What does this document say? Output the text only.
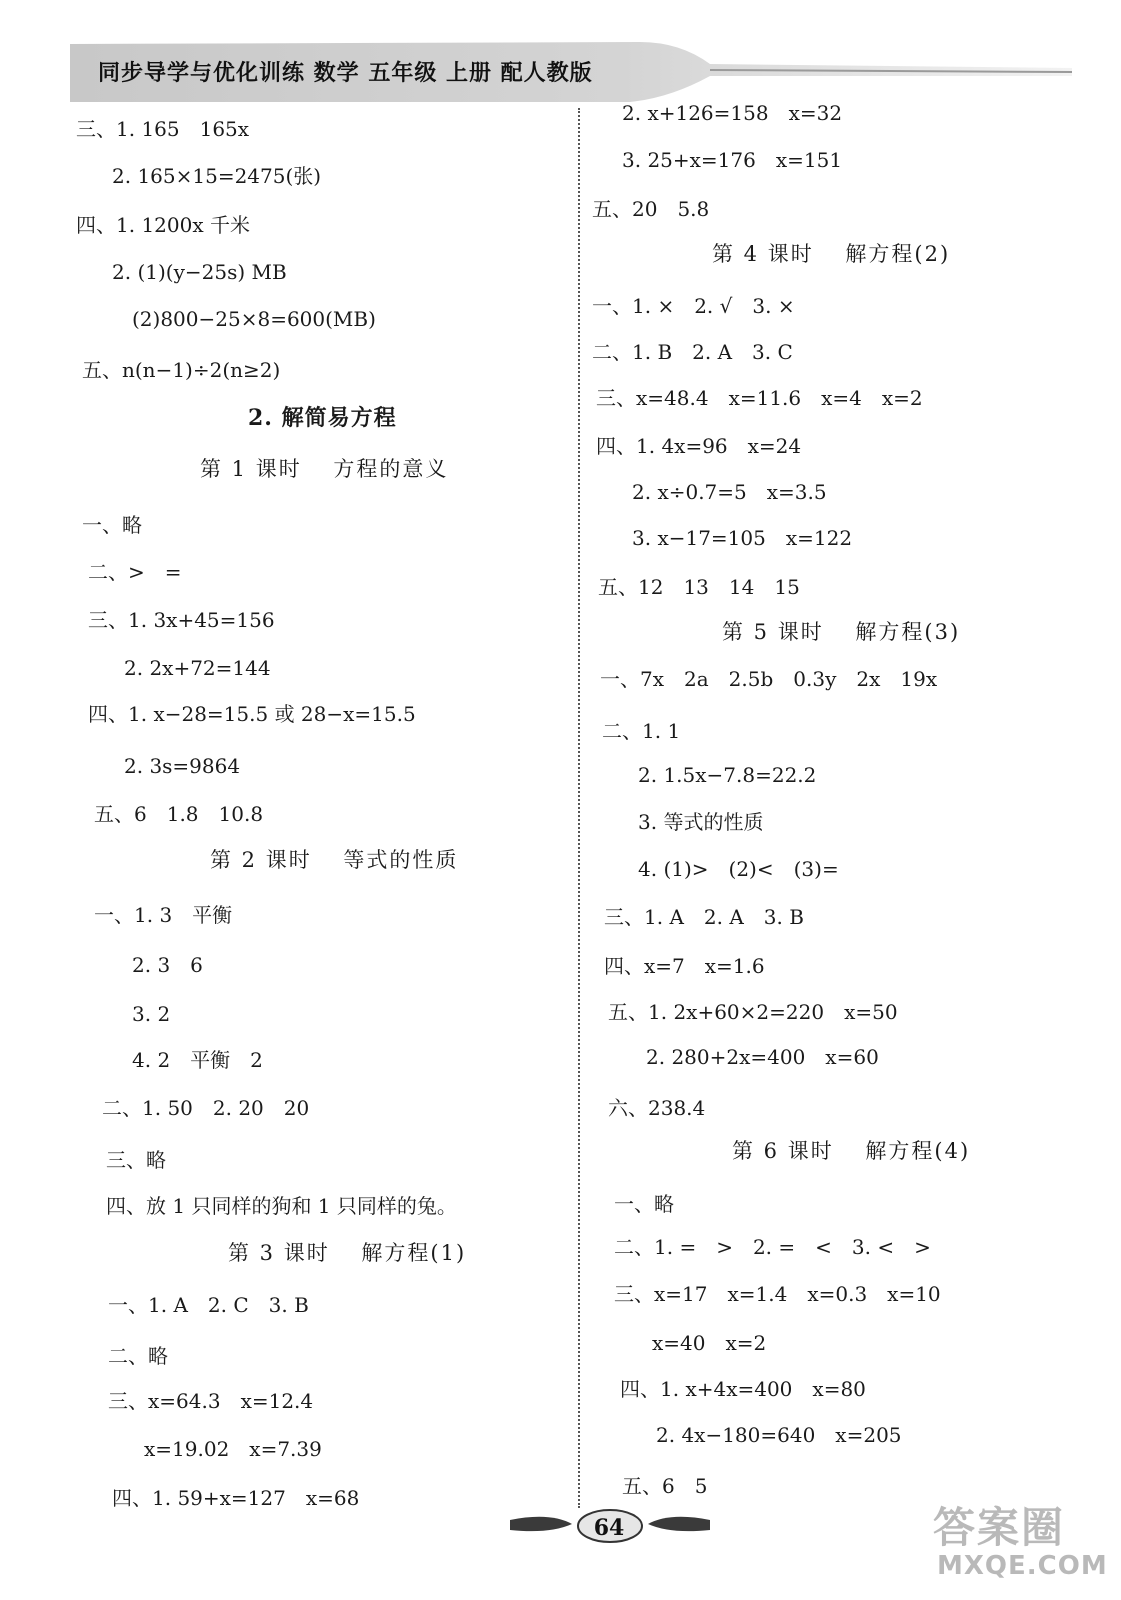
同步导学与优化训练 数学 五年级 上册 配人教版
三、1. 165　165x
2. 165×15=2475(张)
四、1. 1200x 千米
2. (1)(y−25s) MB
(2)800−25×8=600(MB)
五、n(n−1)÷2(n≥2)
2. 解简易方程
第 1 课时　 方程的意义
一、略
二、>　=
三、1. 3x+45=156
2. 2x+72=144
四、1. x−28=15.5 或 28−x=15.5
2. 3s=9864
五、6　1.8　10.8
第 2 课时　 等式的性质
一、1. 3　平衡
2. 3　6
3. 2
4. 2　平衡　2
二、1. 50　2. 20　20
三、略
四、放 1 只同样的狗和 1 只同样的兔。
第 3 课时　 解方程(1)
一、1. A　2. C　3. B
二、略
三、x=64.3　x=12.4
x=19.02　x=7.39
四、1. 59+x=127　x=68
2. x+126=158　x=32
3. 25+x=176　x=151
五、20　5.8
第 4 课时　 解方程(2)
一、1. ×　2. √　3. ×
二、1. B　2. A　3. C
三、x=48.4　x=11.6　x=4　x=2
四、1. 4x=96　x=24
2. x÷0.7=5　x=3.5
3. x−17=105　x=122
五、12　13　14　15
第 5 课时　 解方程(3)
一、7x　2a　2.5b　0.3y　2x　19x
二、1. 1
2. 1.5x−7.8=22.2
3. 等式的性质
4. (1)>　(2)<　(3)=
三、1. A　2. A　3. B
四、x=7　x=1.6
五、1. 2x+60×2=220　x=50
2. 280+2x=400　x=60
六、238.4
第 6 课时　 解方程(4)
一、略
二、1. =　>　2. =　<　3. <　>
三、x=17　x=1.4　x=0.3　x=10
x=40　x=2
四、1. x+4x=400　x=80
2. 4x−180=640　x=205
五、6　5
64	答案圈
MXQE.COM
